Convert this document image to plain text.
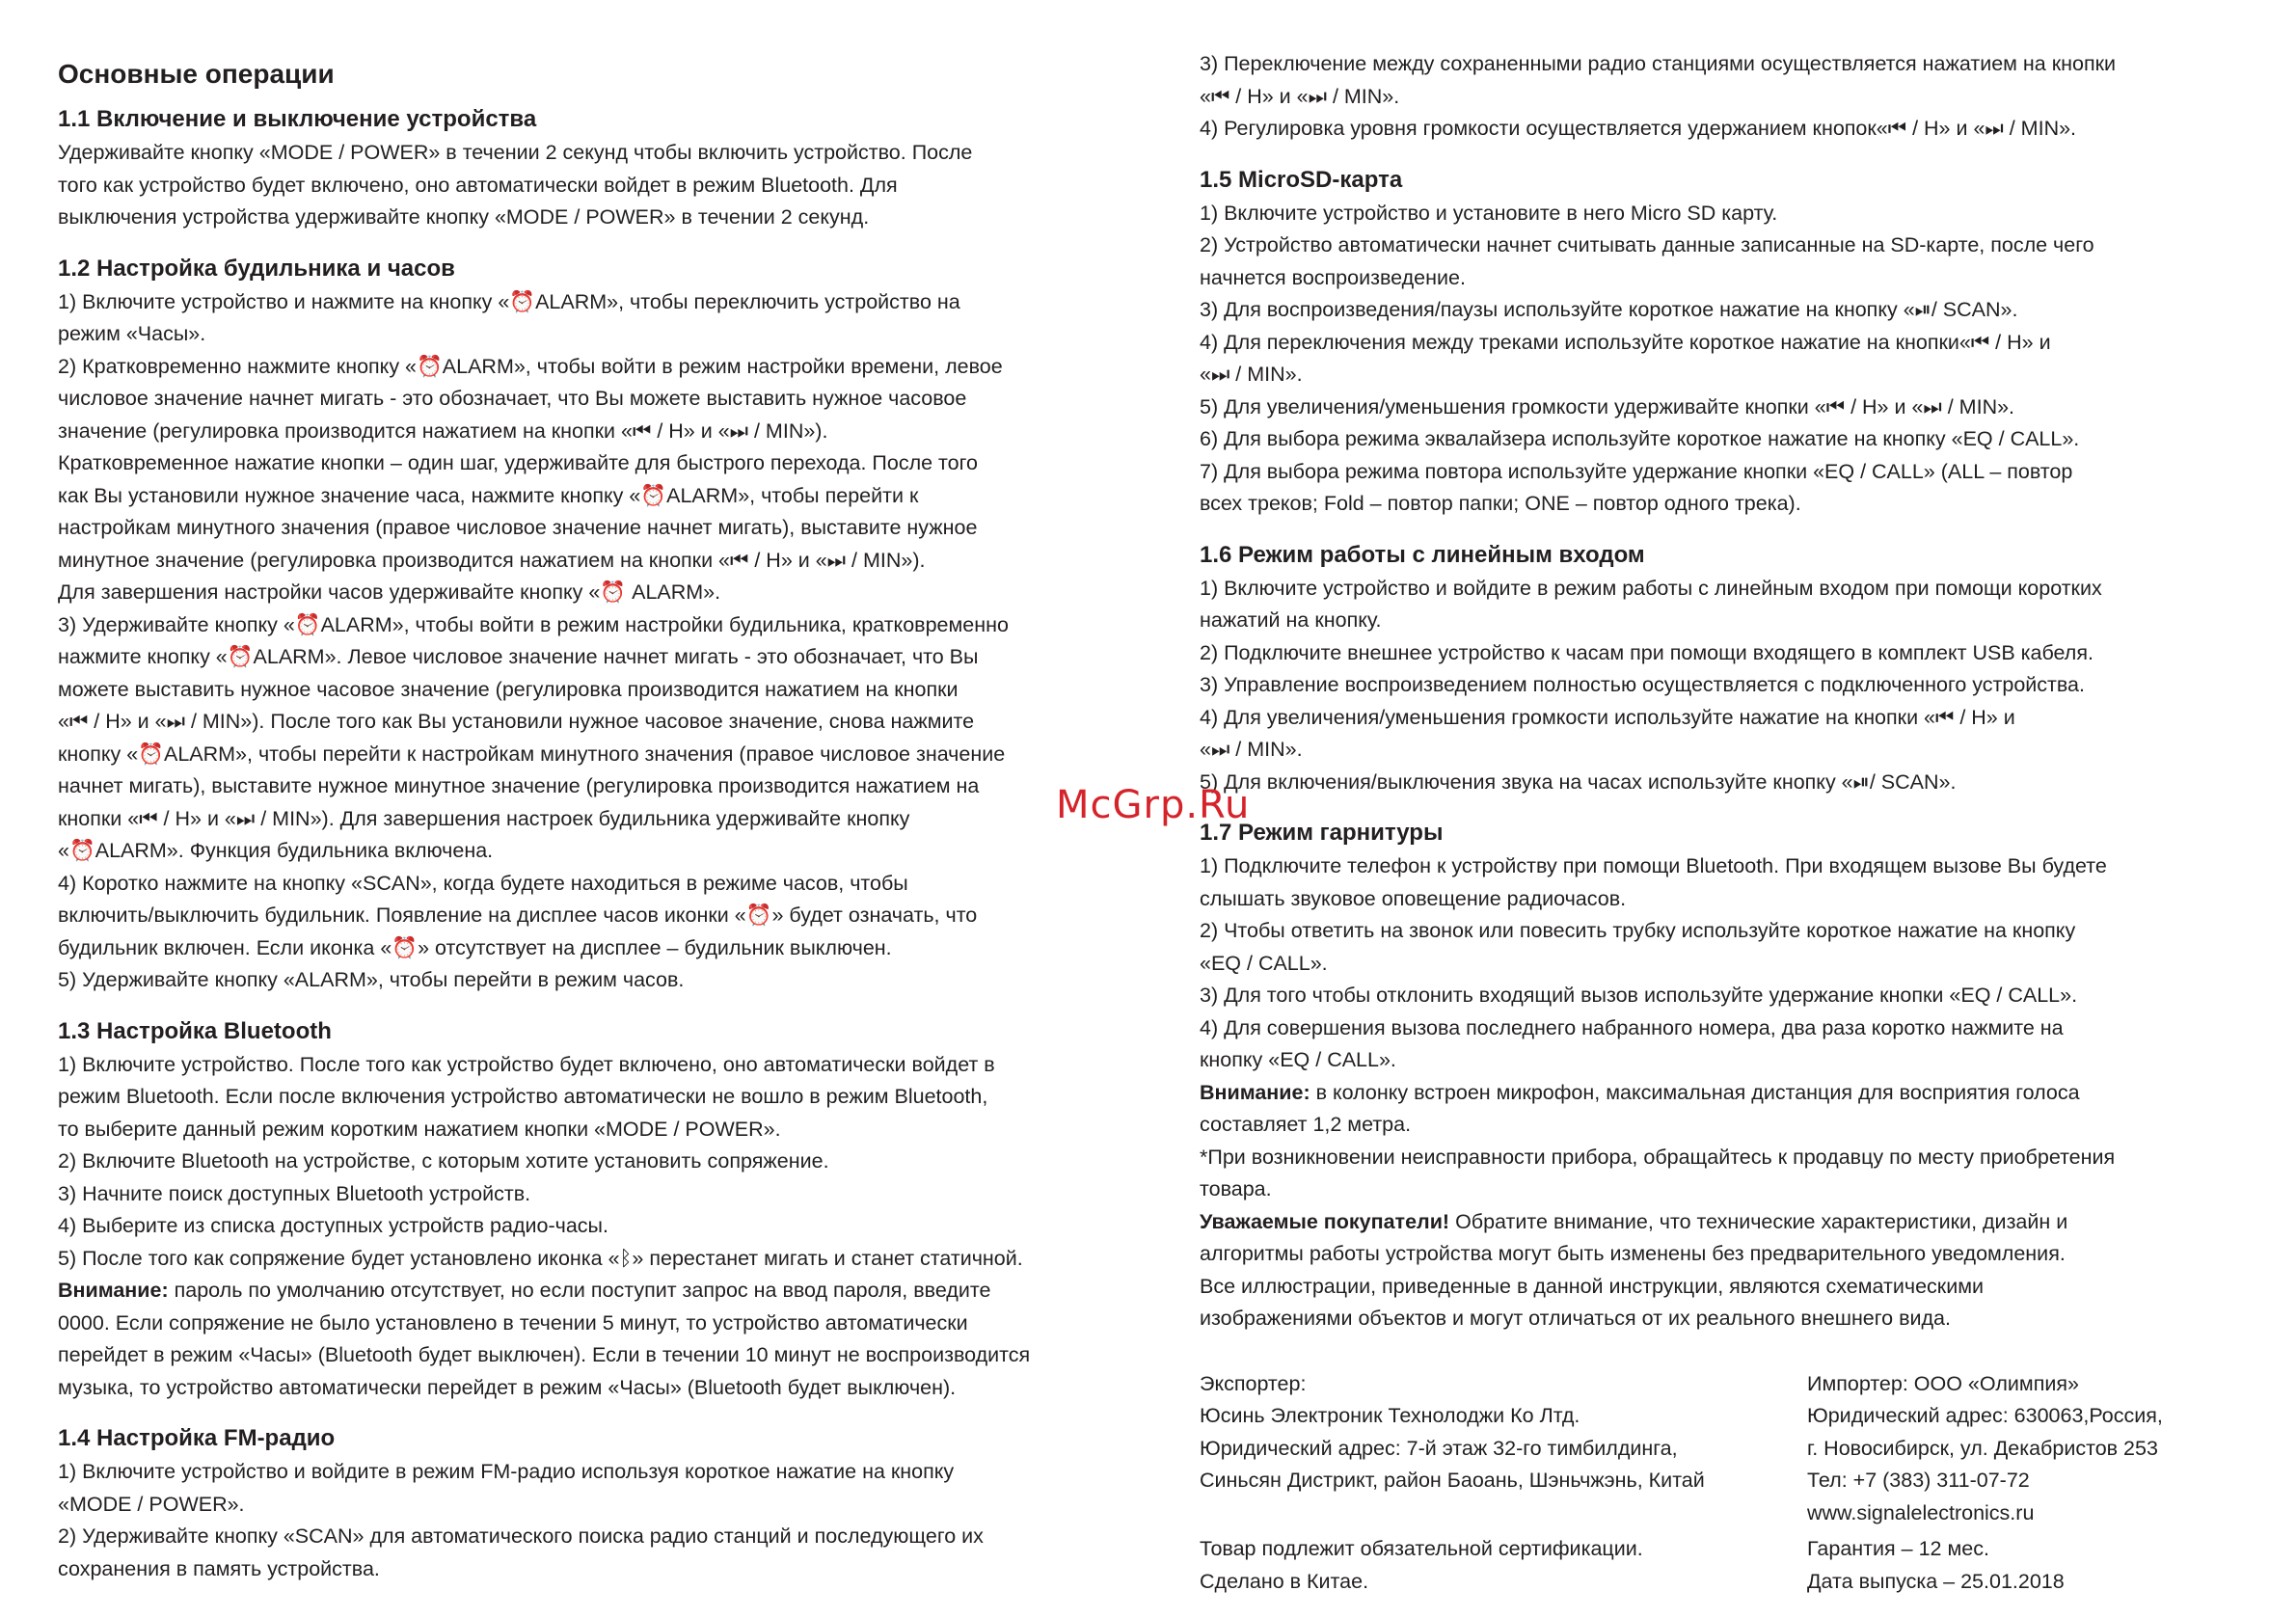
Основные операции
1.1 Включение и выключение устройства

Удерживайте кнопку «MODE / POWER» в течении 2 секунд чтобы включить устройство. После
того как устройство будет включено, оно автоматически войдет в режим Bluetooth. Для
выключения устройства удерживайте кнопку «MODE / POWER» в течении 2 секунд.

1.2 Настройка будильника и часов

1) Включите устройство и нажмите на кнопку «⏰ALARM», чтобы переключить устройство на
режим «Часы».
2) Кратковременно нажмите кнопку «⏰ALARM», чтобы войти в режим настройки времени, левое
числовое значение начнет мигать - это обозначает, что Вы можете выставить нужное часовое
значение (регулировка производится нажатием на кнопки «⏮ / H» и «⏭ / MIN»).
Кратковременное нажатие кнопки – один шаг, удерживайте для быстрого перехода. После того
как Вы установили нужное значение часа, нажмите кнопку «⏰ALARM», чтобы перейти к
настройкам минутного значения (правое числовое значение начнет мигать), выставите нужное
минутное значение (регулировка производится нажатием на кнопки «⏮ / H» и «⏭ / MIN»).
Для завершения настройки часов удерживайте кнопку «⏰ ALARM».
3) Удерживайте кнопку «⏰ALARM», чтобы войти в режим настройки будильника, кратковременно
нажмите кнопку «⏰ALARM». Левое числовое значение начнет мигать - это обозначает, что Вы
можете выставить нужное часовое значение (регулировка производится нажатием на кнопки
«⏮ / H» и «⏭ / MIN»). После того как Вы установили нужное часовое значение, снова нажмите
кнопку «⏰ALARM», чтобы перейти к настройкам минутного значения (правое числовое значение
начнет мигать), выставите нужное минутное значение (регулировка производится нажатием на
кнопки «⏮ / H» и «⏭ / MIN»). Для завершения настроек будильника удерживайте кнопку
«⏰ALARM». Функция будильника включена.
4) Коротко нажмите на кнопку «SCAN», когда будете находиться в режиме часов, чтобы
включить/выключить будильник. Появление на дисплее часов иконки «⏰» будет означать, что
будильник включен. Если иконка «⏰» отсутствует на дисплее – будильник выключен.
5) Удерживайте кнопку «ALARM», чтобы перейти в режим часов.

1.3 Настройка Bluetooth

1) Включите устройство. После того как устройство будет включено, оно автоматически войдет в
режим Bluetooth. Если после включения устройство автоматически не вошло в режим Bluetooth,
то выберите данный режим коротким нажатием кнопки «MODE / POWER».
2) Включите Bluetooth на устройстве, с которым хотите установить сопряжение.
3) Начните поиск доступных Bluetooth устройств.
4) Выберите из списка доступных устройств радио-часы.
5) После того как сопряжение будет установлено иконка «ᛒ» перестанет мигать и станет статичной.

Внимание: пароль по умолчанию отсутствует, но если поступит запрос на ввод пароля, введите
0000. Если сопряжение не было установлено в течении 5 минут, то устройство автоматически
перейдет в режим «Часы» (Bluetooth будет выключен). Если в течении 10 минут не воспроизводится
музыка, то устройство автоматически перейдет в режим «Часы» (Bluetooth будет выключен).

1.4 Настройка FM-радио

1) Включите устройство и войдите в режим FM-радио используя короткое нажатие на кнопку
«MODE / POWER».
2) Удерживайте кнопку «SCAN» для автоматического поиска радио станций и последующего их
сохранения в память устройства.

3) Переключение между сохраненными радио станциями осуществляется нажатием на кнопки
«⏮ / H» и «⏭ / MIN».
4) Регулировка уровня громкости осуществляется удержанием кнопок«⏮ / H» и «⏭ / MIN».

1.5 MicroSD-карта

1) Включите устройство и установите в него Micro SD карту.
2) Устройство автоматически начнет считывать данные записанные на SD-карте, после чего
начнется воспроизведение.
3) Для воспроизведения/паузы используйте короткое нажатие на кнопку «⏯/ SCAN».
4) Для переключения между треками используйте короткое нажатие на кнопки«⏮ / H» и
«⏭ / MIN».
5) Для увеличения/уменьшения громкости удерживайте кнопки «⏮ / H» и «⏭ / MIN».
6) Для выбора режима эквалайзера используйте короткое нажатие на кнопку «EQ / CALL».
7) Для выбора режима повтора используйте удержание кнопки «EQ / CALL» (ALL – повтор
всех треков; Fold – повтор папки; ONE – повтор одного трека).

1.6 Режим работы с линейным входом

1) Включите устройство и войдите в режим работы с линейным входом при помощи коротких
нажатий на кнопку.
2) Подключите внешнее устройство к часам при помощи входящего в комплект USB кабеля.
3) Управление воспроизведением полностью осуществляется с подключенного устройства.
4) Для увеличения/уменьшения громкости используйте нажатие на кнопки «⏮ / H» и
«⏭ / MIN».
5) Для включения/выключения звука на часах используйте кнопку «⏯/ SCAN».

1.7 Режим гарнитуры

1) Подключите телефон к устройству при помощи Bluetooth. При входящем вызове Вы будете
слышать звуковое оповещение радиочасов.
2) Чтобы ответить на звонок или повесить трубку используйте короткое нажатие на кнопку
«EQ / CALL».
3) Для того чтобы отклонить входящий вызов используйте удержание кнопки «EQ / CALL».
4) Для совершения вызова последнего набранного номера, два раза коротко нажмите на
кнопку «EQ / CALL».

Внимание: в колонку встроен микрофон, максимальная дистанция для восприятия голоса
составляет 1,2 метра.

*При возникновении неисправности прибора, обращайтесь к продавцу по месту приобретения
товара.

Уважаемые покупатели! Обратите внимание, что технические характеристики, дизайн и
алгоритмы работы устройства могут быть изменены без предварительного уведомления.
Все иллюстрации, приведенные в данной инструкции, являются схематическими
изображениями объектов и могут отличаться от их реального внешнего вида.

Экспортер:
Юсинь Электроник Технолоджи Ко Лтд.
Юридический адрес: 7-й этаж 32-го тимбилдинга,
Синьсян Дистрикт, район Баоань, Шэньчжэнь, Китай

Импортер: ООО «Олимпия»
Юридический адрес: 630063,Россия,
г. Новосибирск, ул. Декабристов 253
Тел: +7 (383) 311-07-72
www.signalelectronics.ru

Товар подлежит обязательной сертификации.
Сделано в Китае.

Гарантия – 12 мес.
Дата выпуска – 25.01.2018

McGrp.Ru
